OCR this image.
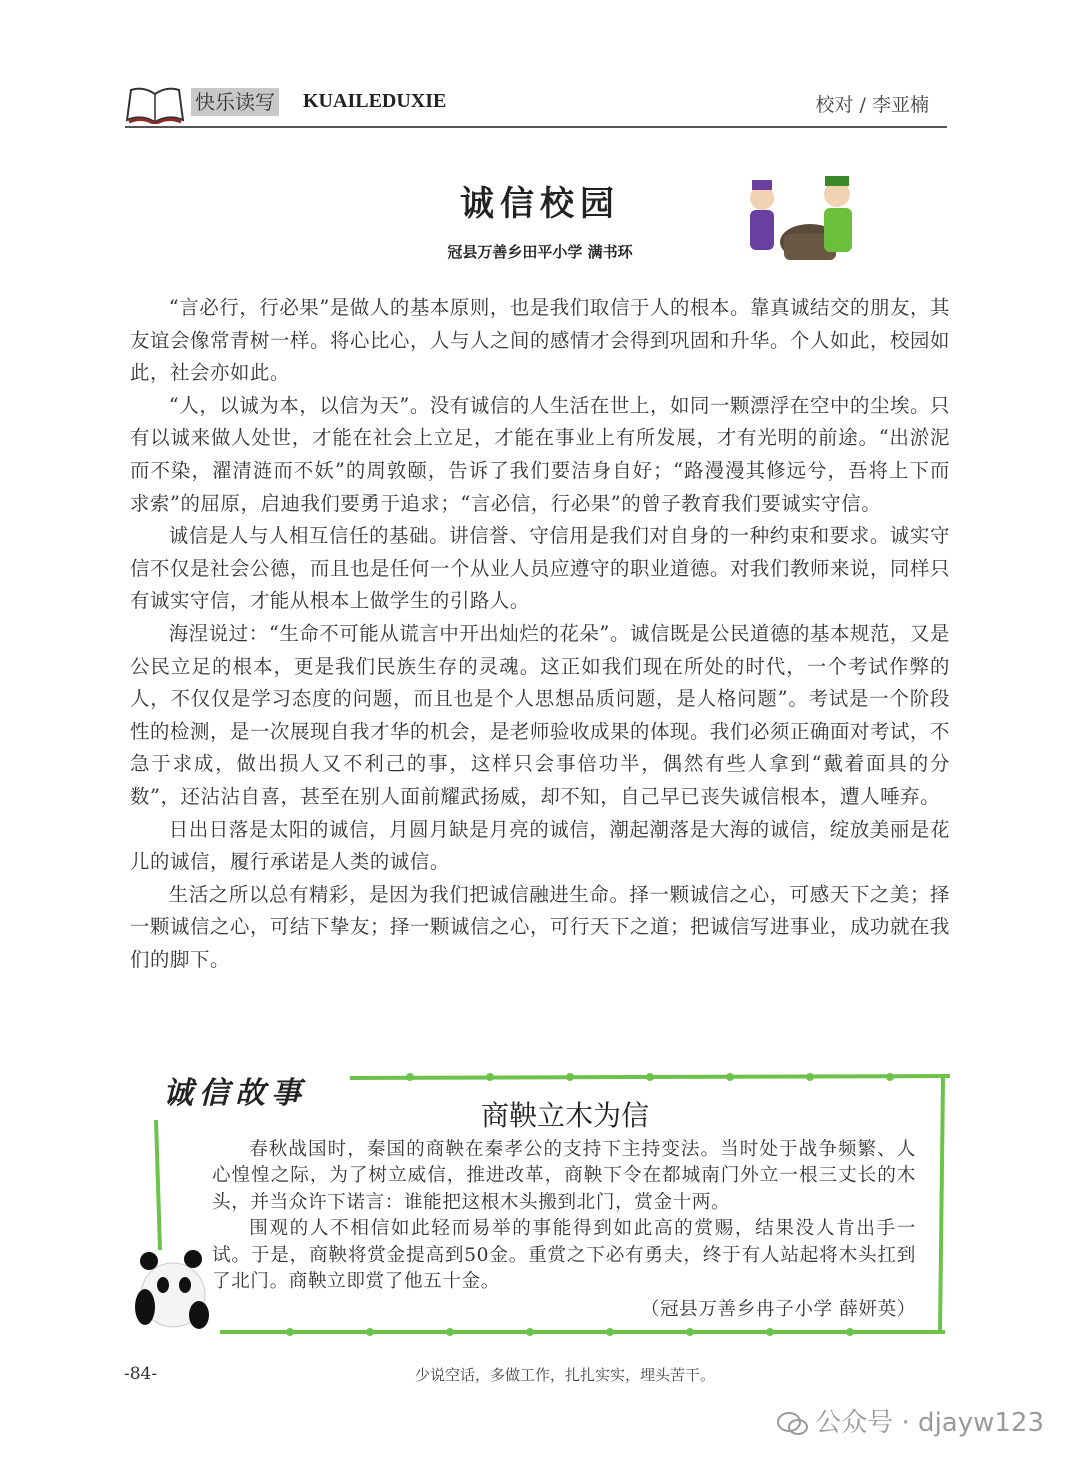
快乐读写 KUAILEDUXIE	校对 / 李亚楠
诚信校园
冠县万善乡田平小学 满书环

“言必行，行必果”是做人的基本原则，也是我们取信于人的根本。靠真诚结交的朋友，其友谊会像常青树一样。将心比心，人与人之间的感情才会得到巩固和升华。个人如此，校园如此，社会亦如此。

“人，以诚为本，以信为天”。没有诚信的人生活在世上，如同一颗漂浮在空中的尘埃。只有以诚来做人处世，才能在社会上立足，才能在事业上有所发展，才有光明的前途。“出淤泥而不染，濯清涟而不妖”的周敦颐，告诉了我们要洁身自好；“路漫漫其修远兮，吾将上下而求索”的屈原，启迪我们要勇于追求；“言必信，行必果”的曾子教育我们要诚实守信。

诚信是人与人相互信任的基础。讲信誉、守信用是我们对自身的一种约束和要求。诚实守信不仅是社会公德，而且也是任何一个从业人员应遵守的职业道德。对我们教师来说，同样只有诚实守信，才能从根本上做学生的引路人。

海涅说过：“生命不可能从谎言中开出灿烂的花朵”。诚信既是公民道德的基本规范，又是公民立足的根本，更是我们民族生存的灵魂。这正如我们现在所处的时代，一个考试作弊的人，不仅仅是学习态度的问题，而且也是个人思想品质问题，是人格问题”。考试是一个阶段性的检测，是一次展现自我才华的机会，是老师验收成果的体现。我们必须正确面对考试，不急于求成，做出损人又不利己的事，这样只会事倍功半，偶然有些人拿到“戴着面具的分数”，还沾沾自喜，甚至在别人面前耀武扬威，却不知，自己早已丧失诚信根本，遭人唾弃。

日出日落是太阳的诚信，月圆月缺是月亮的诚信，潮起潮落是大海的诚信，绽放美丽是花儿的诚信，履行承诺是人类的诚信。

生活之所以总有精彩，是因为我们把诚信融进生命。择一颗诚信之心，可感天下之美；择一颗诚信之心，可结下挚友；择一颗诚信之心，可行天下之道；把诚信写进事业，成功就在我们的脚下。

诚信故事
商鞅立木为信

春秋战国时，秦国的商鞅在秦孝公的支持下主持变法。当时处于战争频繁、人心惶惶之际，为了树立威信，推进改革，商鞅下令在都城南门外立一根三丈长的木头，并当众许下诺言：谁能把这根木头搬到北门，赏金十两。

围观的人不相信如此轻而易举的事能得到如此高的赏赐，结果没人肯出手一试。于是，商鞅将赏金提高到50金。重赏之下必有勇夫，终于有人站起将木头扛到了北门。商鞅立即赏了他五十金。

（冠县万善乡冉子小学 薛妍英）

-84-	少说空话，多做工作，扎扎实实，埋头苦干。
公众号 · djayw123
